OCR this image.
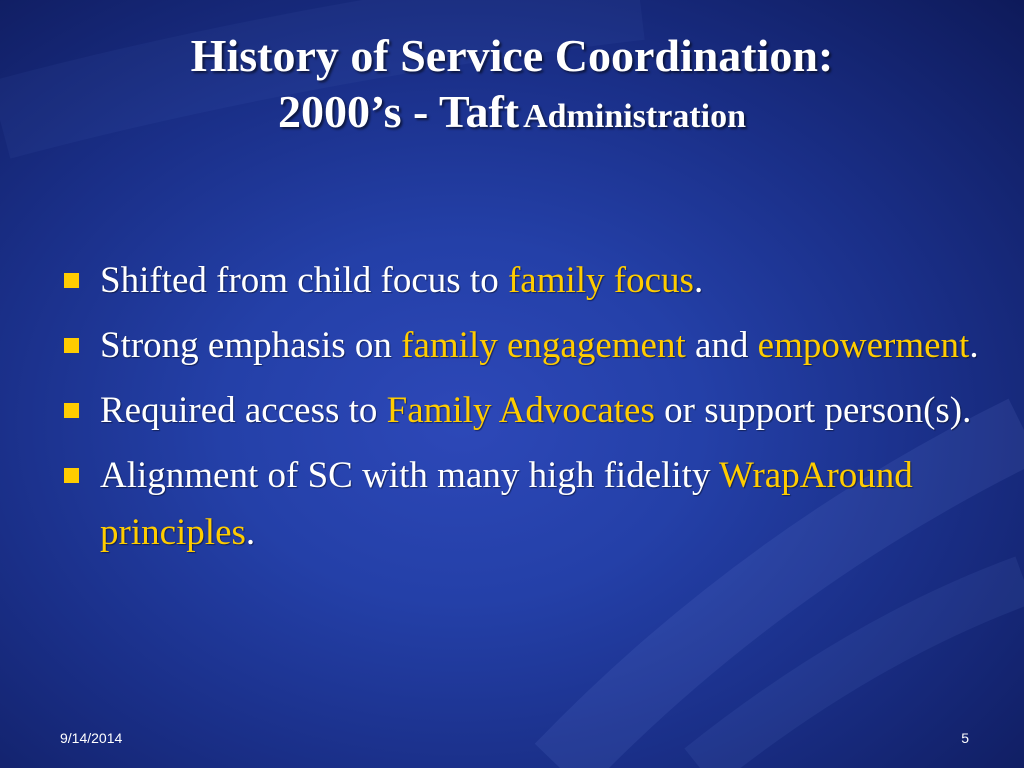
History of Service Coordination:
2000’s - Taft Administration
Shifted from child focus to family focus.
Strong emphasis on family engagement and empowerment.
Required access to Family Advocates or support person(s).
Alignment of SC with many high fidelity WrapAround principles.
9/14/2014	5
